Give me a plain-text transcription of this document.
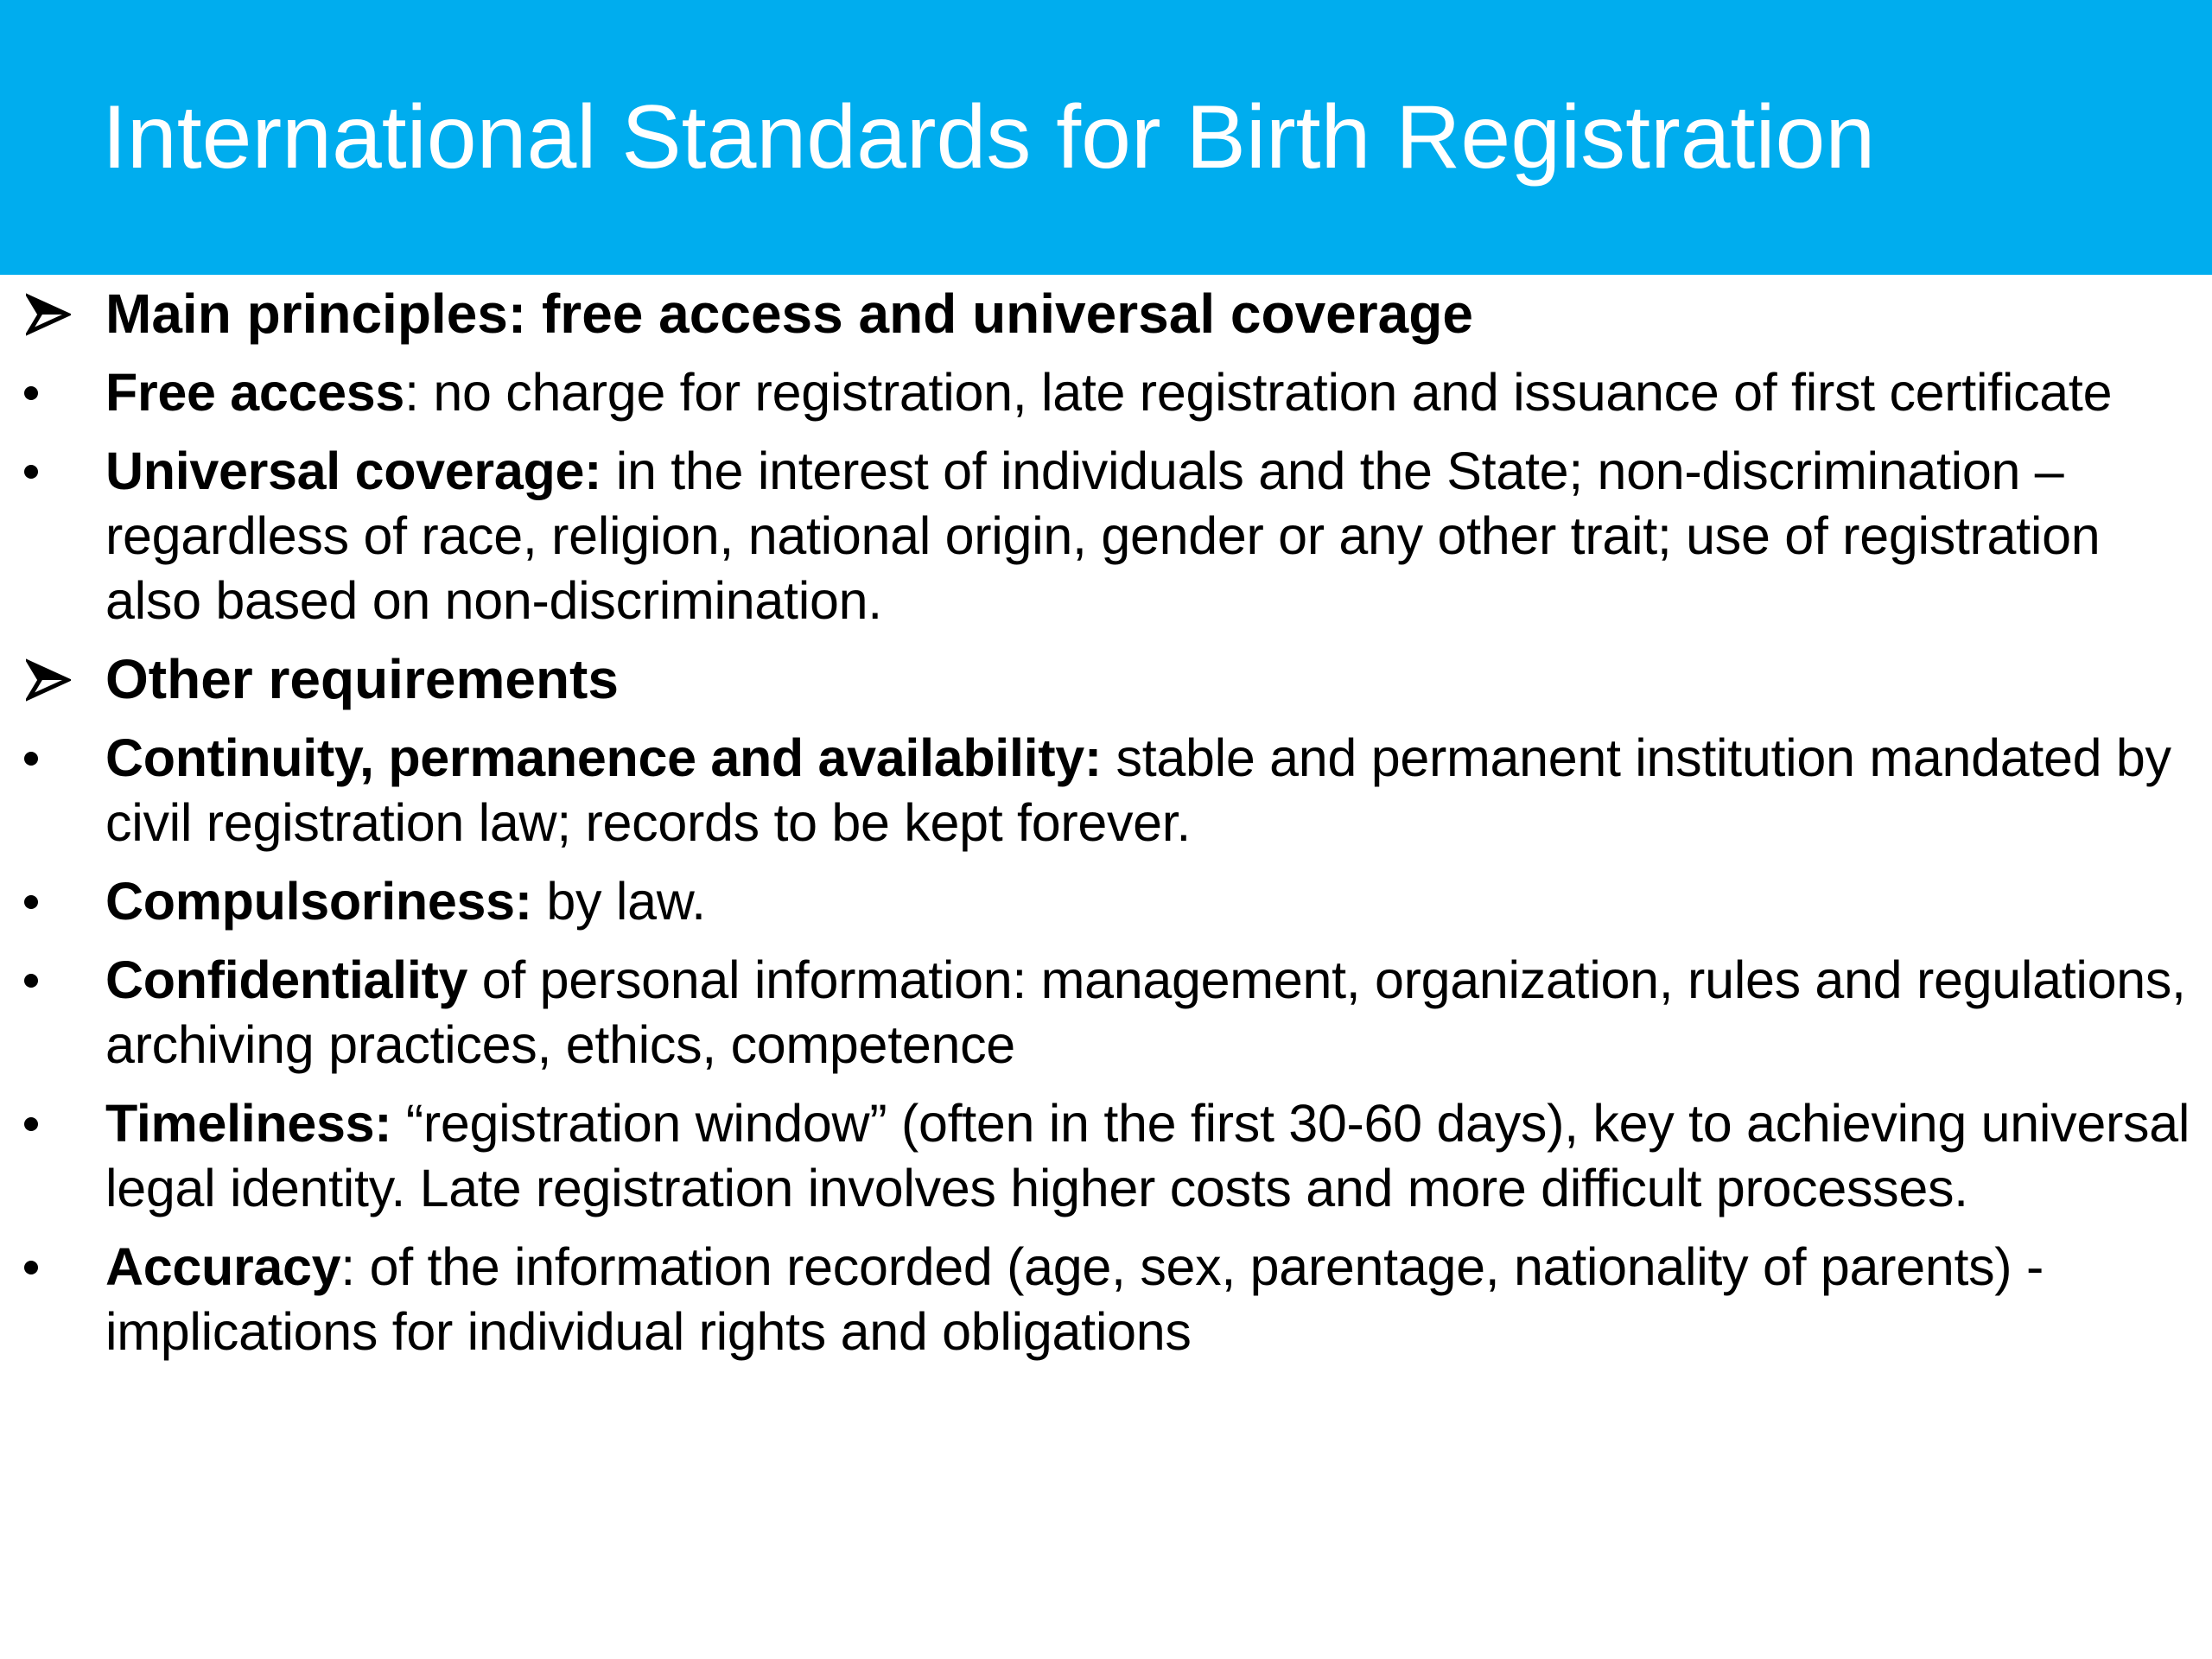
International Standards for Birth Registration
Main principles: free access and universal coverage
Free access: no charge for registration, late registration and issuance of first certificate
Universal coverage: in the interest of individuals and the State; non-discrimination – regardless of race, religion, national origin, gender or any other trait; use of registration also based on non-discrimination.
Other requirements
Continuity, permanence and availability: stable and permanent institution mandated by civil registration law; records to be kept forever.
Compulsoriness: by law.
Confidentiality of personal information: management, organization, rules and regulations, archiving practices, ethics, competence
Timeliness: “registration window” (often in the first 30-60 days), key to achieving universal legal identity. Late registration involves higher costs and more difficult processes.
Accuracy: of the information recorded (age, sex, parentage, nationality of parents) - implications for individual rights and obligations
